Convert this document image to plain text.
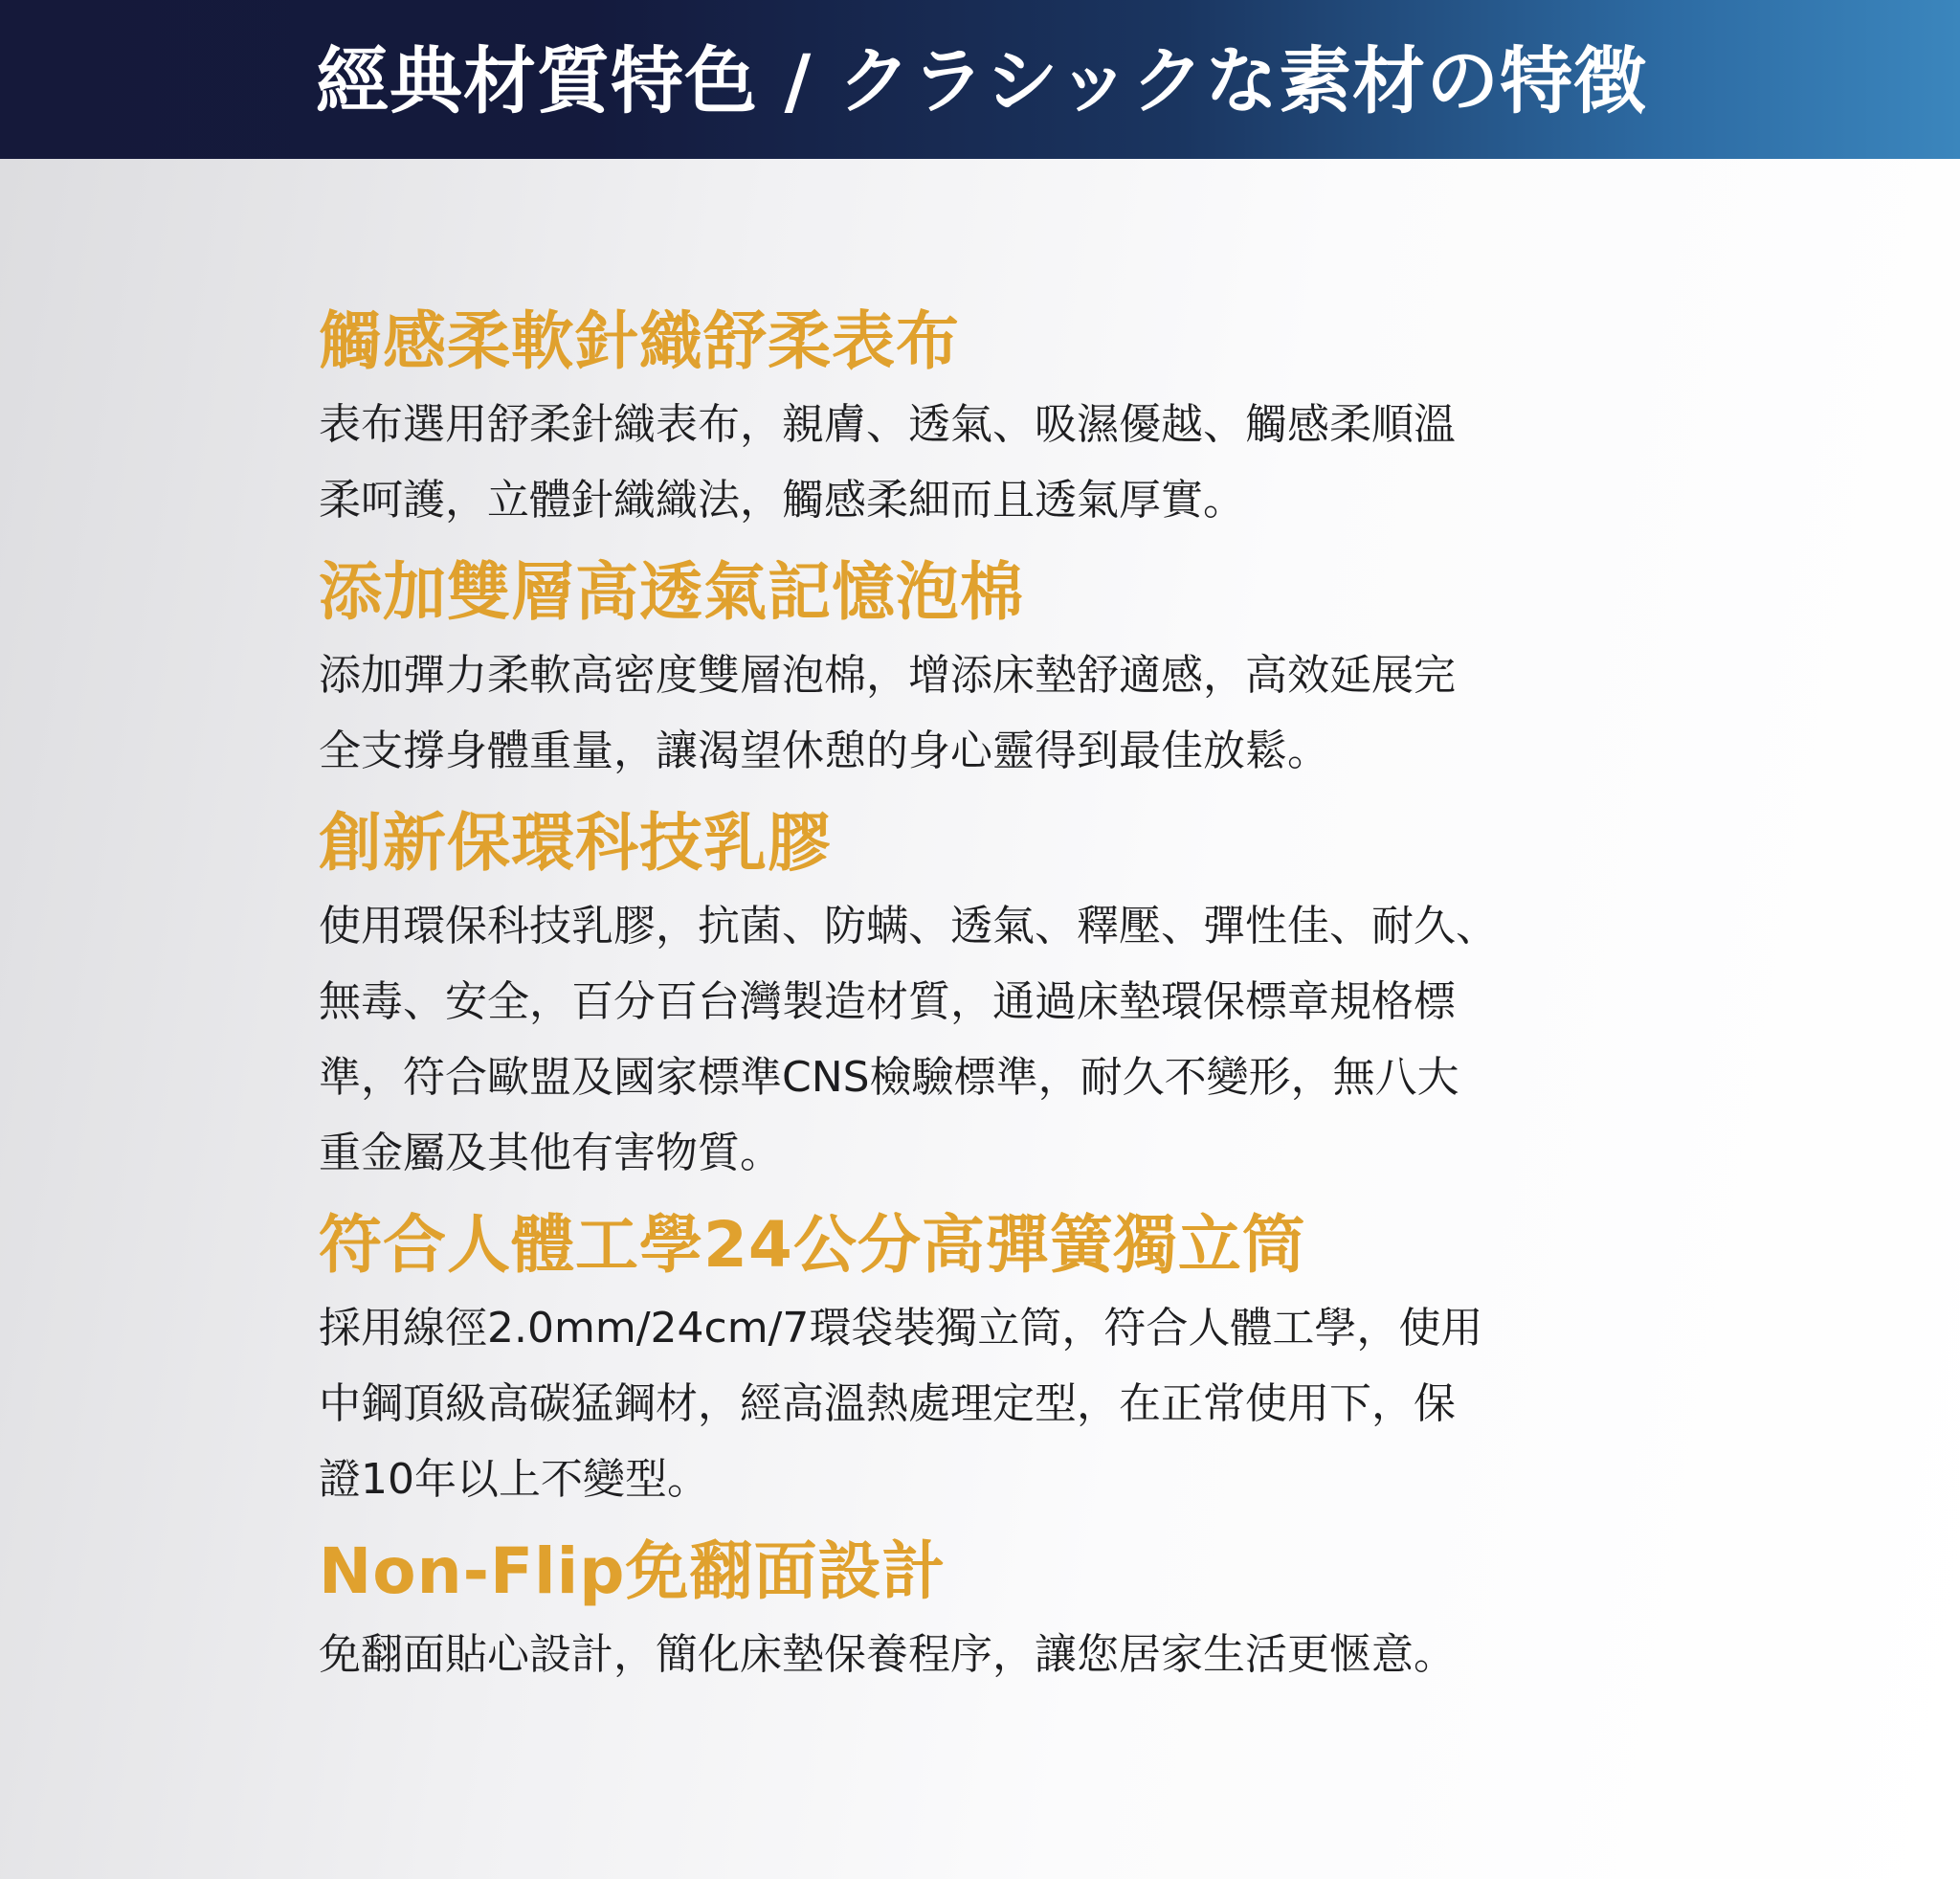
經典材質特色 / クラシックな素材の特徴
觸感柔軟針織舒柔表布
表布選用舒柔針織表布，親膚、透氣、吸濕優越、觸感柔順溫
柔呵護，立體針織織法，觸感柔細而且透氣厚實。
添加雙層高透氣記憶泡棉
添加彈力柔軟高密度雙層泡棉，增添床墊舒適感，高效延展完
全支撐身體重量，讓渴望休憩的身心靈得到最佳放鬆。
創新保環科技乳膠
使用環保科技乳膠，抗菌、防螨、透氣、釋壓、彈性佳、耐久、
無毒、安全，百分百台灣製造材質，通過床墊環保標章規格標
準，符合歐盟及國家標準CNS檢驗標準，耐久不變形，無八大
重金屬及其他有害物質。
符合人體工學24公分高彈簧獨立筒
採用線徑2.0mm/24cm/7環袋裝獨立筒，符合人體工學，使用
中鋼頂級高碳猛鋼材，經高溫熱處理定型，在正常使用下，保
證10年以上不變型。
Non-Flip免翻面設計
免翻面貼心設計，簡化床墊保養程序，讓您居家生活更愜意。
